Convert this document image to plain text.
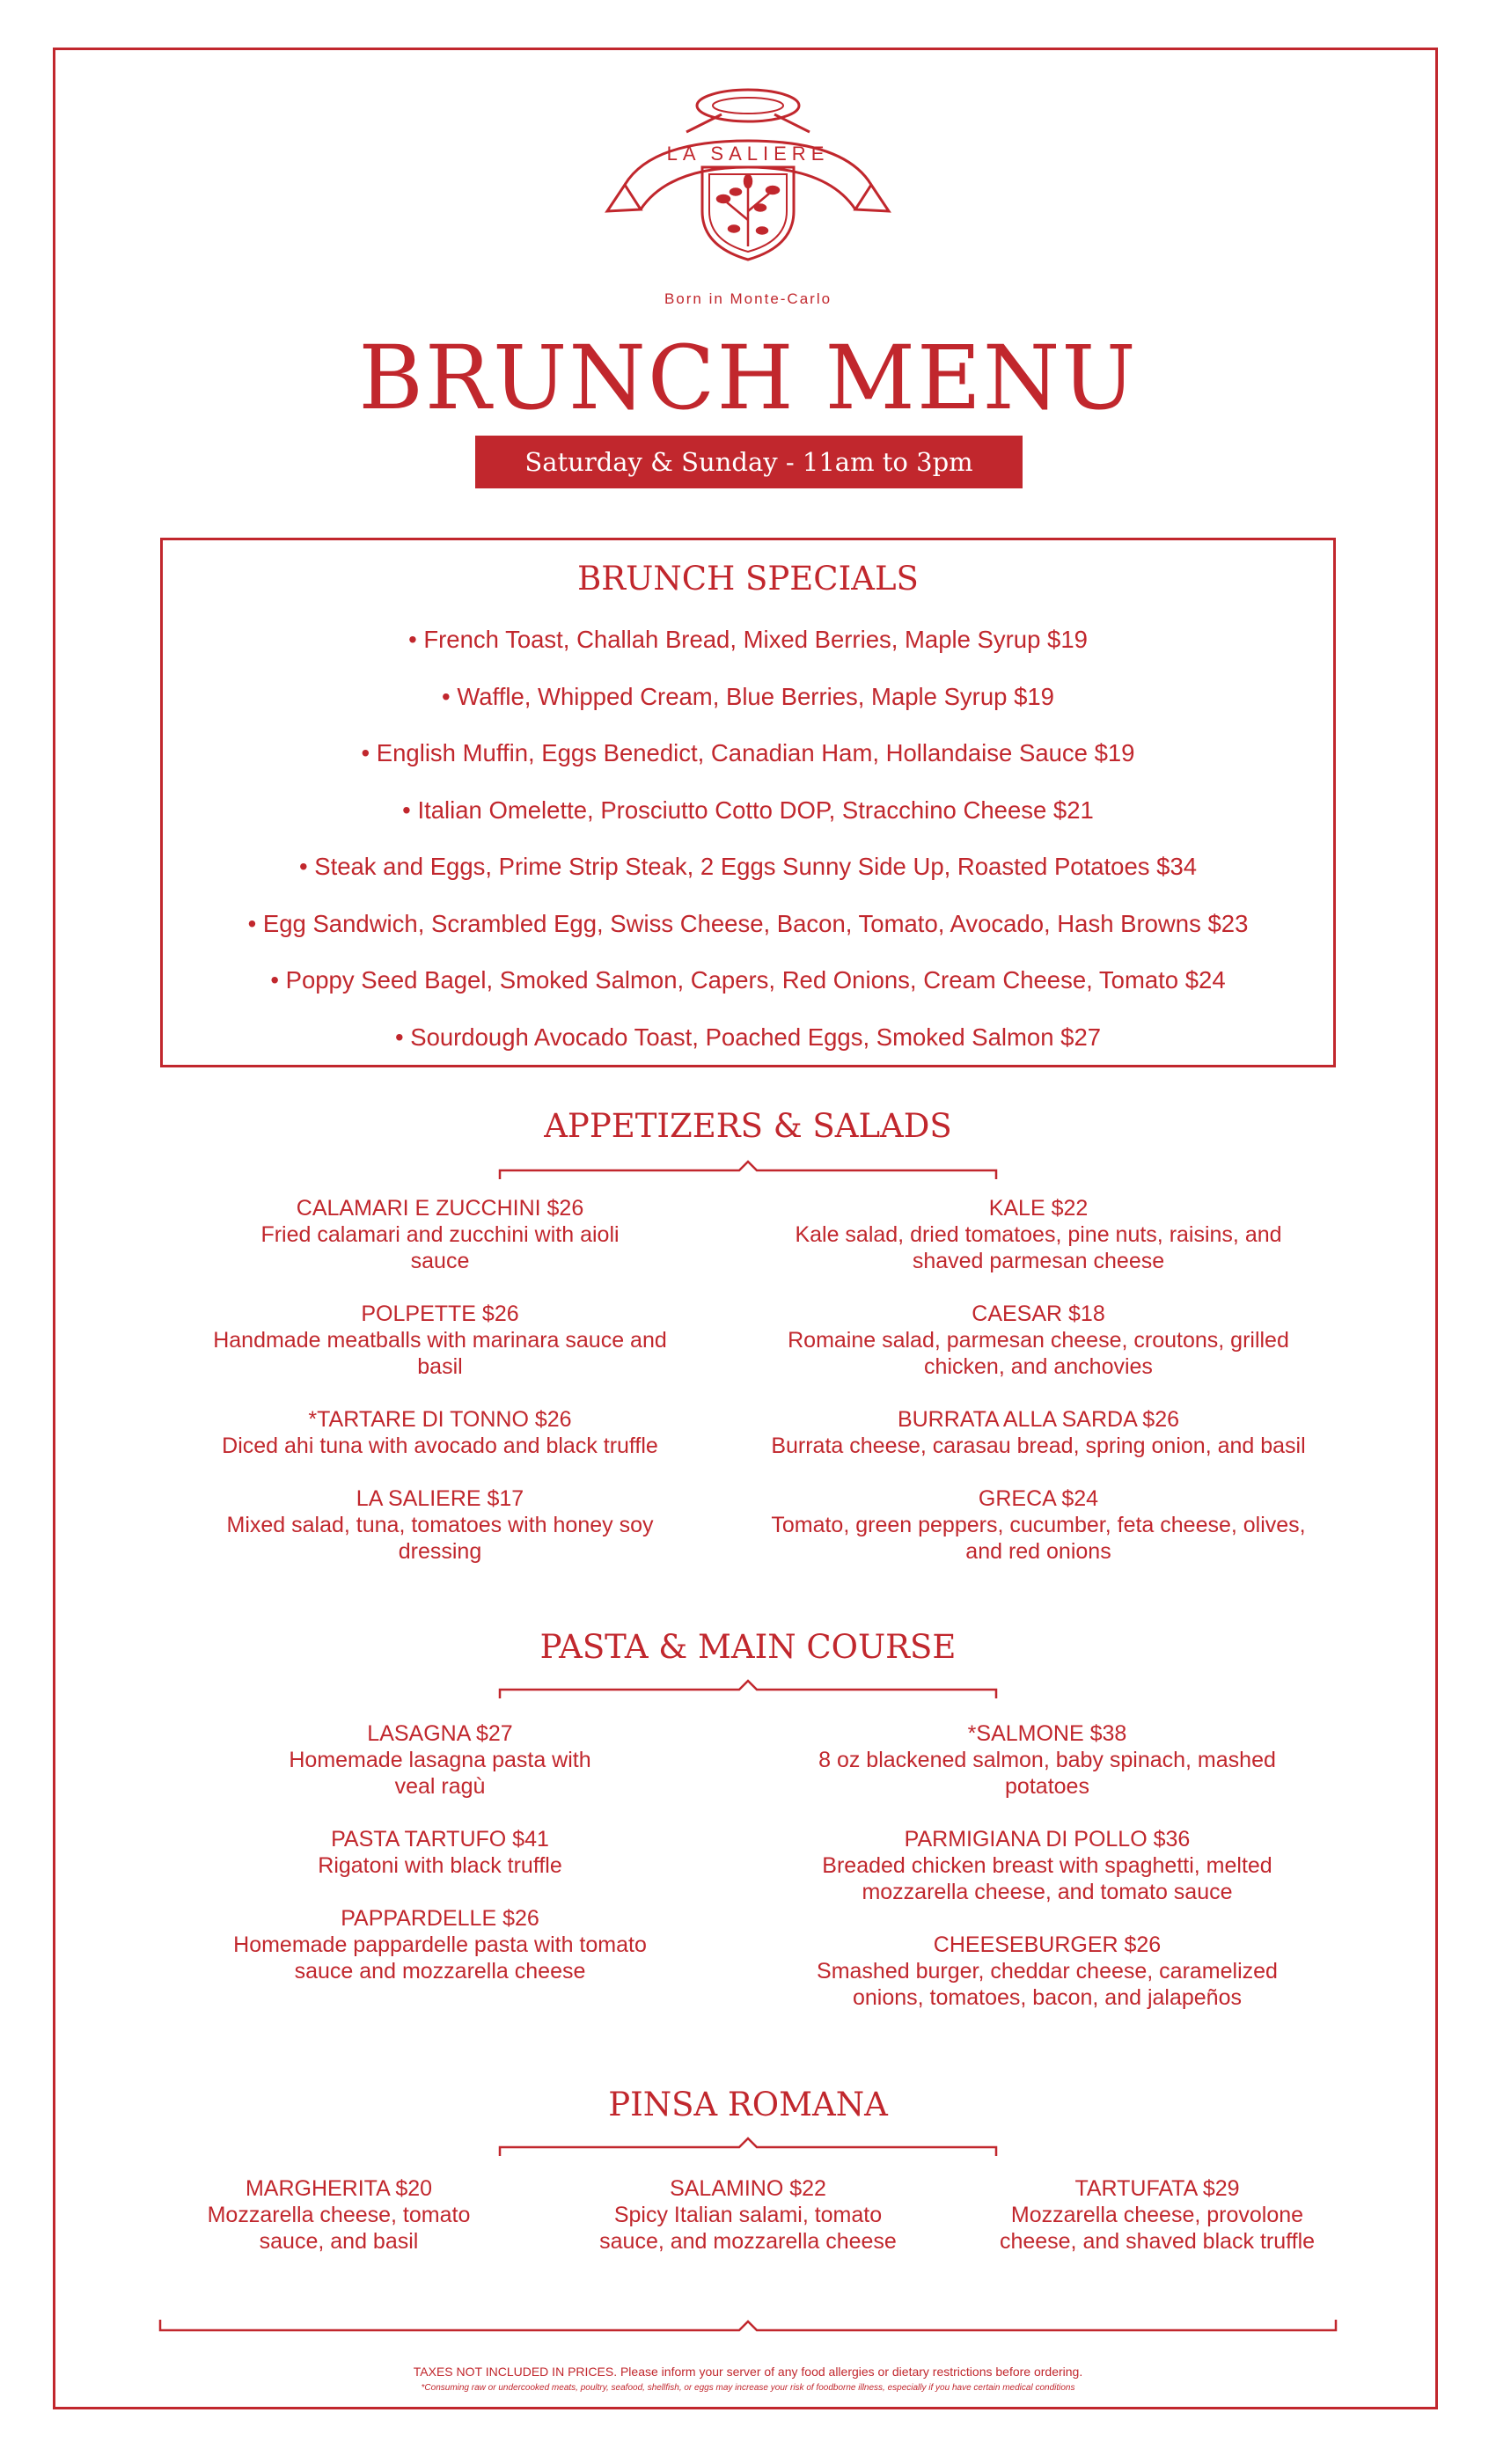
LA SALIERE
Born in Monte-Carlo
BRUNCH MENU
Saturday & Sunday - 11am to 3pm
BRUNCH SPECIALS
• French Toast, Challah Bread, Mixed Berries, Maple Syrup $19
• Waffle, Whipped Cream, Blue Berries, Maple Syrup $19
• English Muffin, Eggs Benedict, Canadian Ham, Hollandaise Sauce $19
• Italian Omelette, Prosciutto Cotto DOP, Stracchino Cheese $21
• Steak and Eggs, Prime Strip Steak, 2 Eggs Sunny Side Up, Roasted Potatoes $34
• Egg Sandwich, Scrambled Egg, Swiss Cheese, Bacon, Tomato, Avocado, Hash Browns $23
• Poppy Seed Bagel, Smoked Salmon, Capers, Red Onions, Cream Cheese, Tomato $24
• Sourdough Avocado Toast, Poached Eggs, Smoked Salmon $27
APPETIZERS & SALADS
CALAMARI E ZUCCHINI $26
Fried calamari and zucchini with aioli
sauce
POLPETTE $26
Handmade meatballs with marinara sauce and
basil
*TARTARE DI TONNO $26
Diced ahi tuna with avocado and black truffle
LA SALIERE $17
Mixed salad, tuna, tomatoes with honey soy
dressing
KALE $22
Kale salad, dried tomatoes, pine nuts, raisins, and
shaved parmesan cheese
CAESAR $18
Romaine salad, parmesan cheese, croutons, grilled
chicken, and anchovies
BURRATA ALLA SARDA $26
Burrata cheese, carasau bread, spring onion, and basil
GRECA $24
Tomato, green peppers, cucumber, feta cheese, olives,
and red onions
PASTA & MAIN COURSE
LASAGNA $27
Homemade lasagna pasta with
veal ragù
PASTA TARTUFO $41
Rigatoni with black truffle
PAPPARDELLE $26
Homemade pappardelle pasta with tomato
sauce and mozzarella cheese
*SALMONE $38
8 oz blackened salmon, baby spinach, mashed
potatoes
PARMIGIANA DI POLLO $36
Breaded chicken breast with spaghetti, melted
mozzarella cheese, and tomato sauce
CHEESEBURGER $26
Smashed burger, cheddar cheese, caramelized
onions, tomatoes, bacon, and jalapeños
PINSA ROMANA
MARGHERITA $20
Mozzarella cheese, tomato
sauce, and basil
SALAMINO $22
Spicy Italian salami, tomato
sauce, and mozzarella cheese
TARTUFATA $29
Mozzarella cheese, provolone
cheese, and shaved black truffle
TAXES NOT INCLUDED IN PRICES. Please inform your server of any food allergies or dietary restrictions before ordering.
*Consuming raw or undercooked meats, poultry, seafood, shellfish, or eggs may increase your risk of foodborne illness, especially if you have certain medical conditions
